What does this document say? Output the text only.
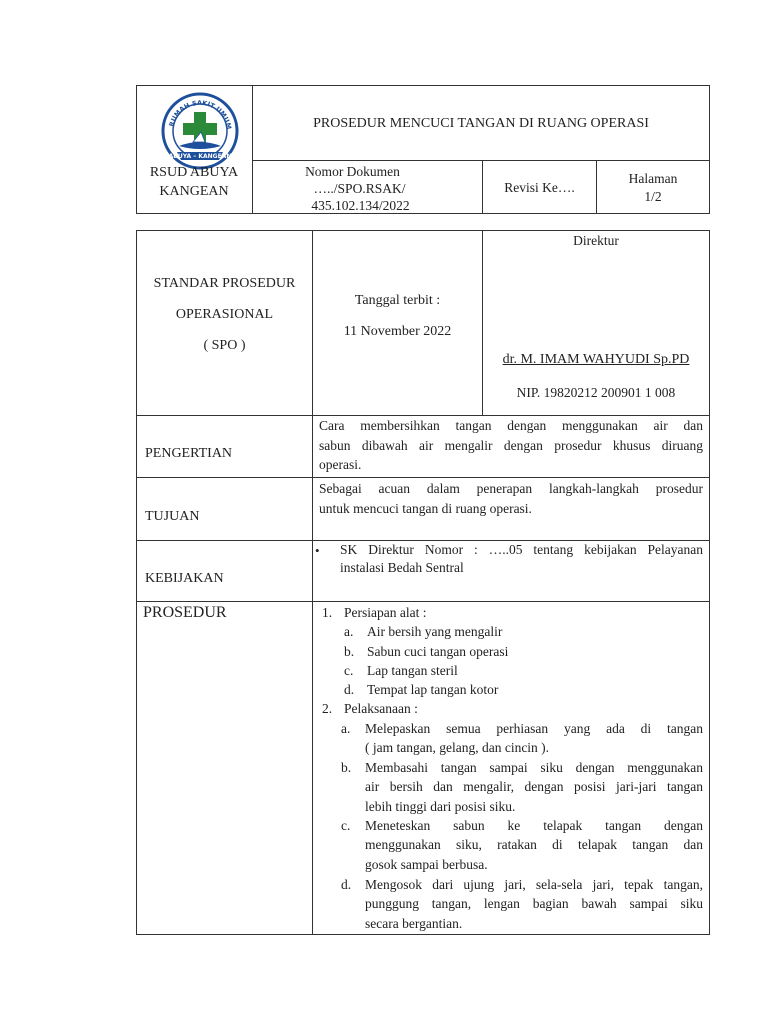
RUMAH SAKIT UMUM
ABUYA – KANGEAN
RSUD ABUYA
KANGEAN
PROSEDUR MENCUCI TANGAN DI RUANG OPERASI
Nomor Dokumen
…../SPO.RSAK/
435.102.134/2022
Revisi Ke….
Halaman
1/2
STANDAR PROSEDUR
OPERASIONAL
( SPO )
Tanggal terbit :
11 November 2022
Direktur
dr. M. IMAM WAHYUDI Sp.PD
NIP. 19820212 200901 1 008
PENGERTIAN
Cara membersihkan tangan dengan menggunakan air dan
sabun dibawah air mengalir dengan prosedur khusus diruang
operasi.
TUJUAN
Sebagai acuan dalam penerapan langkah-langkah prosedur
untuk mencuci tangan di ruang operasi.
KEBIJAKAN
• SK Direktur Nomor : …..05 tentang kebijakan Pelayanan
instalasi Bedah Sentral
PROSEDUR	1. Persiapan alat :
a. Air bersih yang mengalir
b. Sabun cuci tangan operasi
c. Lap tangan steril
d. Tempat lap tangan kotor
2. Pelaksanaan :
a. Melepaskan semua perhiasan yang ada di tangan
( jam tangan, gelang, dan cincin ).
b. Membasahi tangan sampai siku dengan menggunakan
air bersih dan mengalir, dengan posisi jari-jari tangan
lebih tinggi dari posisi siku.
c. Meneteskan sabun ke telapak tangan dengan
menggunakan siku, ratakan di telapak tangan dan
gosok sampai berbusa.
d. Mengosok dari ujung jari, sela-sela jari, tepak tangan,
punggung tangan, lengan bagian bawah sampai siku
secara bergantian.
